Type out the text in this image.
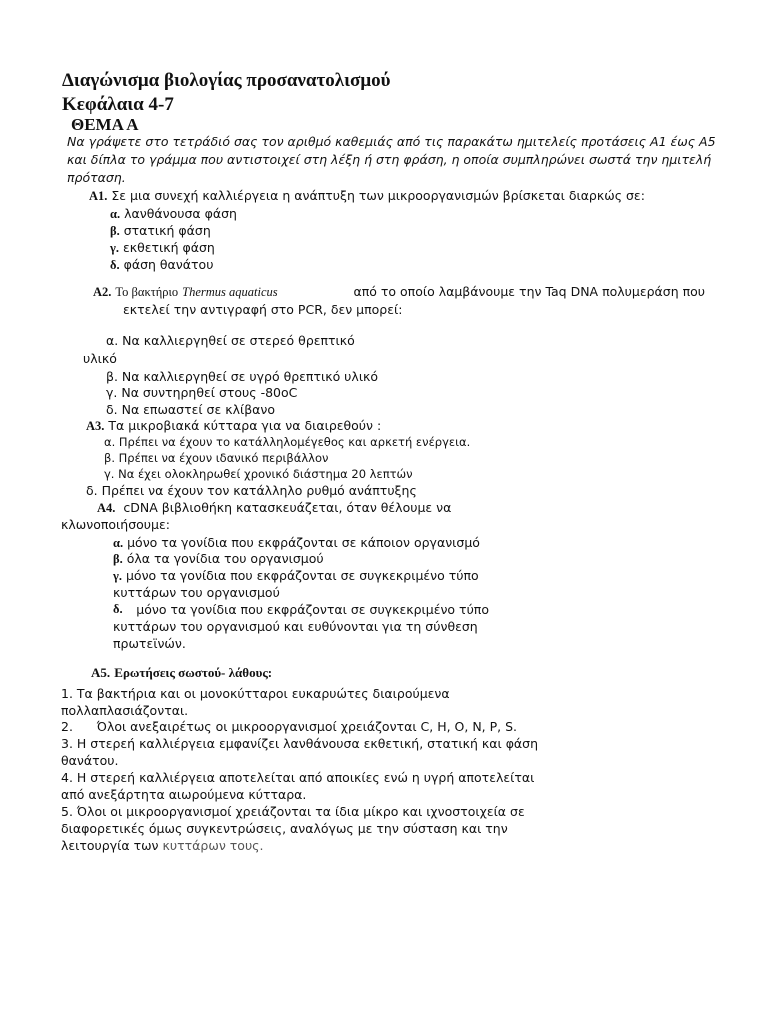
Διαγώνισμα βιολογίας προσανατολισμού
Κεφάλαια 4-7
ΘΕΜΑ Α
Να γράψετε στο τετράδιό σας τον αριθμό καθεμιάς από τις παρακάτω ημιτελείς προτάσεις Α1 έως Α5
και δίπλα το γράμμα που αντιστοιχεί στη λέξη ή στη φράση, η οποία συμπληρώνει σωστά την ημιτελή
πρόταση.
Α1. Σε μια συνεχή καλλιέργεια η ανάπτυξη των μικροοργανισμών βρίσκεται διαρκώς σε:
α. λανθάνουσα φάση
β. στατική φάση
γ. εκθετική φάση
δ. φάση θανάτου
Α2. Το βακτήριο Thermus aquaticus	από το οποίο λαμβάνουμε την Taq DNA πολυμεράση που
εκτελεί την αντιγραφή στο PCR, δεν μπορεί:
α. Να καλλιεργηθεί σε στερεό θρεπτικό
υλικό
β. Να καλλιεργηθεί σε υγρό θρεπτικό υλικό
γ. Να συντηρηθεί στους -80oC
δ. Να επωαστεί σε κλίβανο
Α3. Τα μικροβιακά κύτταρα για να διαιρεθούν :
α. Πρέπει να έχουν το κατάλληλομέγεθος και αρκετή ενέργεια.
β. Πρέπει να έχουν ιδανικό περιβάλλον
γ. Να έχει ολοκληρωθεί χρονικό διάστημα 20 λεπτών
δ. Πρέπει να έχουν τον κατάλληλο ρυθμό ανάπτυξης
Α4. cDNA βιβλιοθήκη κατασκευάζεται, όταν θέλουμε να
κλωνοποιήσουμε:
α. μόνο τα γονίδια που εκφράζονται σε κάποιον οργανισμό
β. όλα τα γονίδια του οργανισμού
γ. μόνο τα γονίδια που εκφράζονται σε συγκεκριμένο τύπο
κυττάρων του οργανισμού
δ.
μόνο τα γονίδια που εκφράζονται σε συγκεκριμένο τύπο
κυττάρων του οργανισμού και ευθύνονται για τη σύνθεση
πρωτεϊνών.
Α5. Ερωτήσεις σωστού- λάθους:
1. Τα βακτήρια και οι μονοκύτταροι ευκαρυώτες διαιρούμενα
πολλαπλασιάζονται.
2. Όλοι ανεξαιρέτως οι μικροοργανισμοί χρειάζονται C, H, O, N, P, S.
3. Η στερεή καλλιέργεια εμφανίζει λανθάνουσα εκθετική, στατική και φάση
θανάτου.
4. Η στερεή καλλιέργεια αποτελείται από αποικίες ενώ η υγρή αποτελείται
από ανεξάρτητα αιωρούμενα κύτταρα.
5. Όλοι οι μικροοργανισμοί χρειάζονται τα ίδια μίκρο και ιχνοστοιχεία σε
διαφορετικές όμως συγκεντρώσεις, αναλόγως με την σύσταση και την
λειτουργία των κυττάρων τους.
